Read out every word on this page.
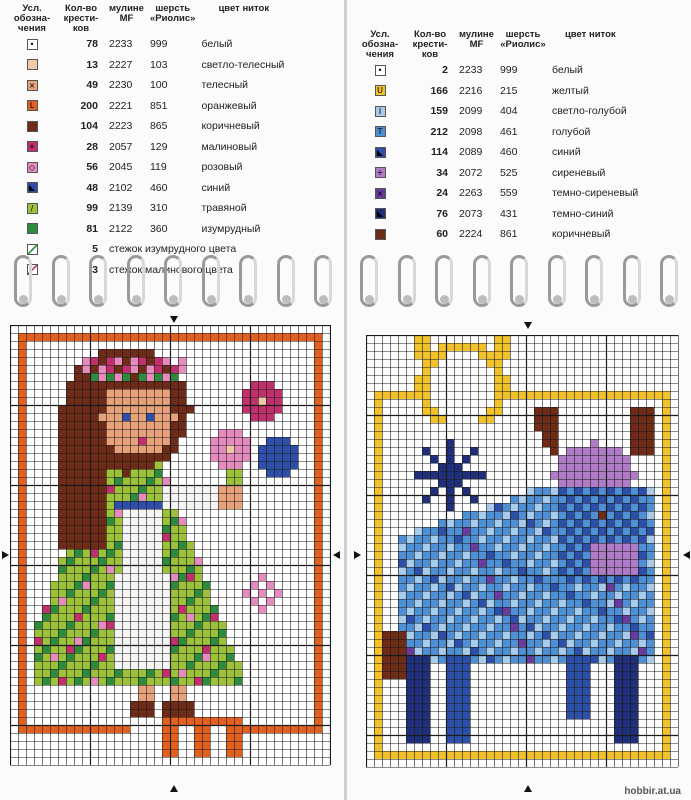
Усл.
обозна-
чения	Кол-во
крести-
ков	мулине
MF	шерсть
«Риолис»	цвет ниток
•	78	2233	999	белый
	13	2227	103	светло-телесный
×	49	2230	100	телесный
L	200	2221	851	оранжевый
	104	2223	865	коричневый
+	28	2057	129	малиновый
◇	56	2045	119	розовый
◣	48	2102	460	синий
/	99	2139	310	травяной
	81	2122	360	изумрудный

	5	стежок изумрудного цвета		

	3	стежок малинового цвета		
Усл.
обозна-
чения	Кол-во
крести-
ков	мулине
MF	шерсть
«Риолис»	цвет ниток
•	2	2233	999	белый
U	166	2216	215	желтый
I	159	2099	404	светло-голубой
T	212	2098	461	голубой
◣	114	2089	460	синий
+	34	2072	525	сиреневый
×	24	2263	559	темно-сиреневый
◣	76	2073	431	темно-синий
	60	2224	861	коричневый
hobbir.at.ua
